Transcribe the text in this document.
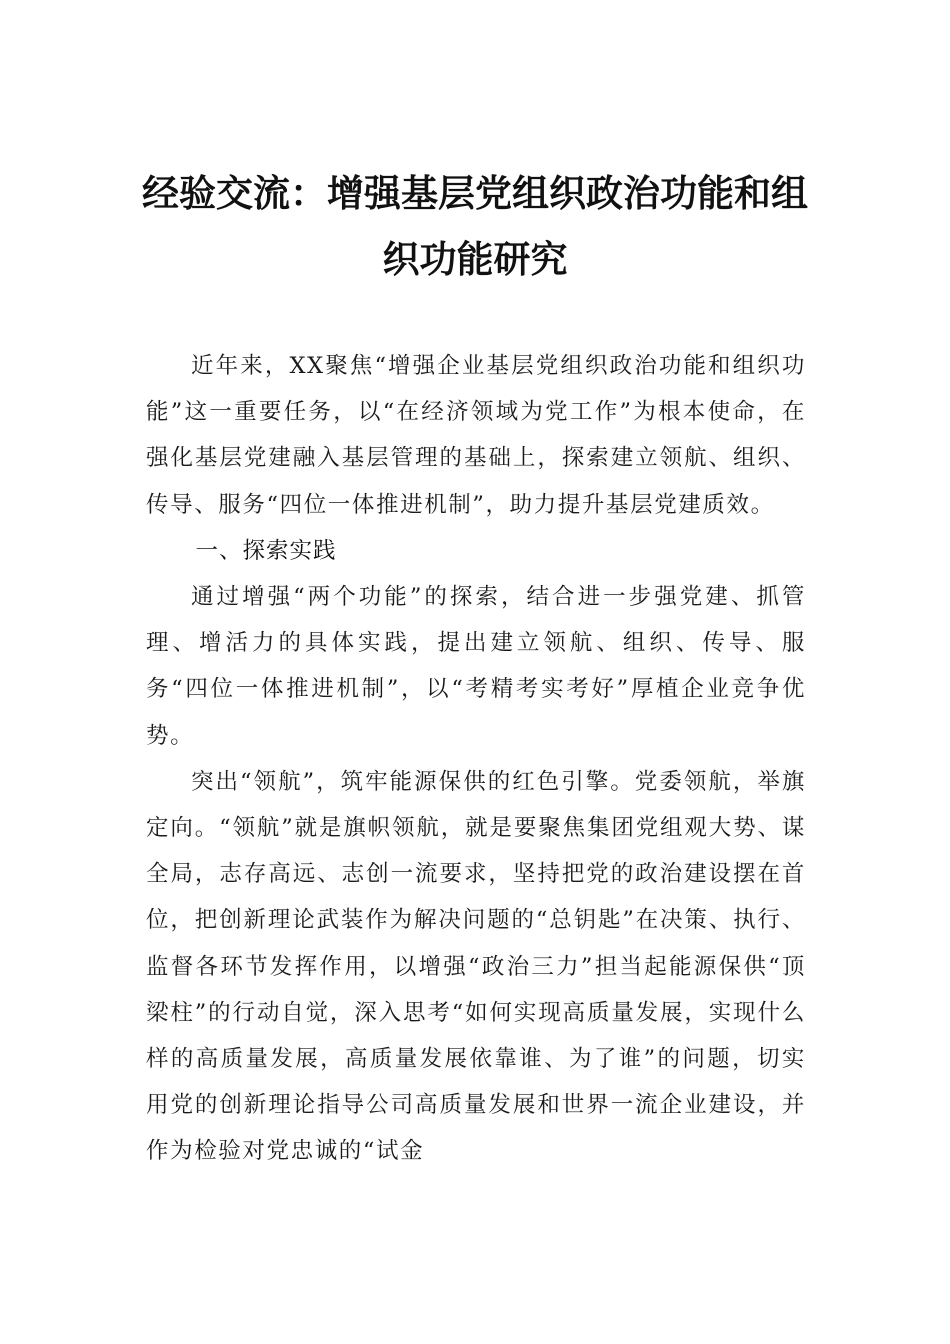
经验交流：增强基层党组织政治功能和组
织功能研究

近年来，XX聚焦“增强企业基层党组织政治功能和组织功能”这一重要任务，以“在经济领域为党工作”为根本使命，在强化基层党建融入基层管理的基础上，探索建立领航、组织、传导、服务“四位一体推进机制”，助力提升基层党建质效。

一、探索实践

通过增强“两个功能”的探索，结合进一步强党建、抓管理、增活力的具体实践，提出建立领航、组织、传导、服务“四位一体推进机制”，以“考精考实考好”厚植企业竞争优势。

突出“领航”，筑牢能源保供的红色引擎。党委领航，举旗定向。“领航”就是旗帜领航，就是要聚焦集团党组观大势、谋全局，志存高远、志创一流要求，坚持把党的政治建设摆在首位，把创新理论武装作为解决问题的“总钥匙”在决策、执行、监督各环节发挥作用，以增强“政治三力”担当起能源保供“顶梁柱”的行动自觉，深入思考“如何实现高质量发展，实现什么样的高质量发展，高质量发展依靠谁、为了谁”的问题，切实用党的创新理论指导公司高质量发展和世界一流企业建设，并作为检验对党忠诚的“试金
